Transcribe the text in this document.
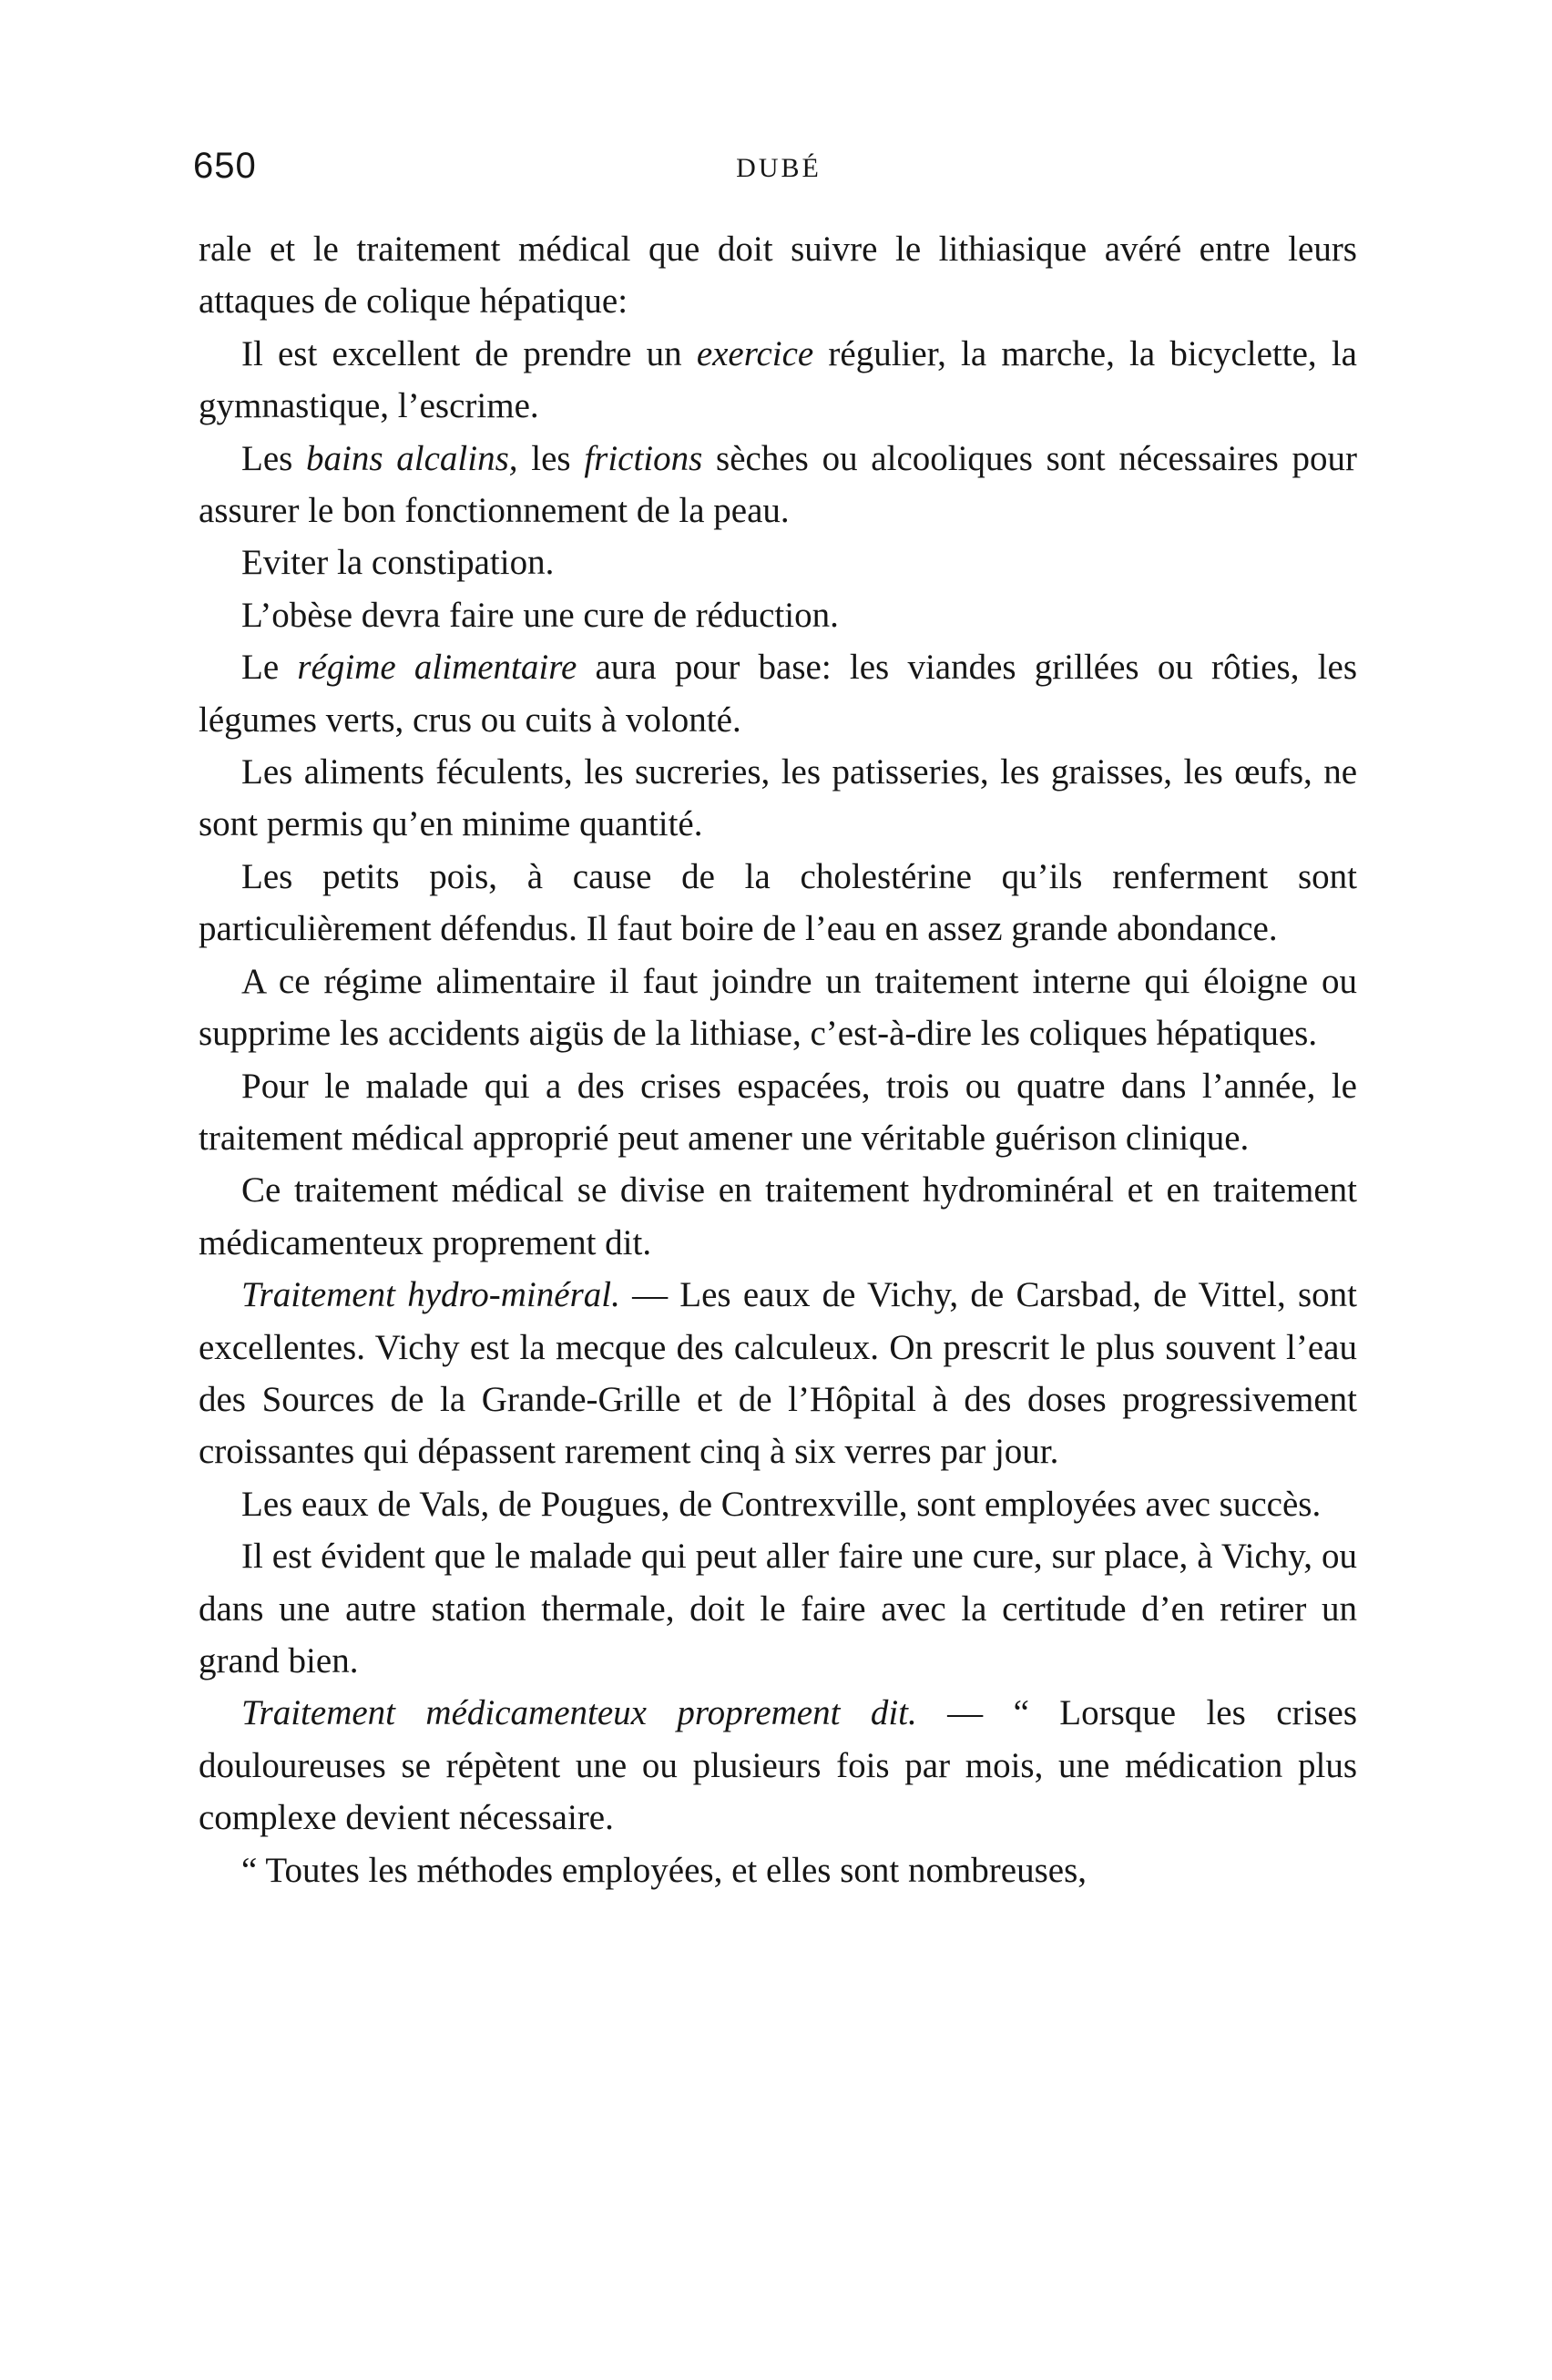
650	DUBÉ

rale et le traitement médical que doit suivre le lithiasique avéré entre leurs attaques de colique hépatique:

Il est excellent de prendre un exercice régulier, la marche, la bicyclette, la gymnastique, l’escrime.

Les bains alcalins, les frictions sèches ou alcooliques sont nécessaires pour assurer le bon fonctionnement de la peau.

Eviter la constipation.

L’obèse devra faire une cure de réduction.

Le régime alimentaire aura pour base: les viandes grillées ou rôties, les légumes verts, crus ou cuits à volonté.

Les aliments féculents, les sucreries, les patisseries, les graisses, les œufs, ne sont permis qu’en minime quantité.

Les petits pois, à cause de la cholestérine qu’ils renferment sont particulièrement défendus. Il faut boire de l’eau en assez grande abondance.

A ce régime alimentaire il faut joindre un traitement interne qui éloigne ou supprime les accidents aigüs de la lithiase, c’est-à-dire les coliques hépatiques.

Pour le malade qui a des crises espacées, trois ou quatre dans l’année, le traitement médical approprié peut amener une véritable guérison clinique.

Ce traitement médical se divise en traitement hydrominéral et en traitement médicamenteux proprement dit.

Traitement hydro-minéral. — Les eaux de Vichy, de Carsbad, de Vittel, sont excellentes. Vichy est la mecque des calculeux. On prescrit le plus souvent l’eau des Sources de la Grande-Grille et de l’Hôpital à des doses progressivement croissantes qui dépassent rarement cinq à six verres par jour.

Les eaux de Vals, de Pougues, de Contrexville, sont employées avec succès.

Il est évident que le malade qui peut aller faire une cure, sur place, à Vichy, ou dans une autre station thermale, doit le faire avec la certitude d’en retirer un grand bien.

Traitement médicamenteux proprement dit. — “ Lorsque les crises douloureuses se répètent une ou plusieurs fois par mois, une médication plus complexe devient nécessaire.

“ Toutes les méthodes employées, et elles sont nombreuses,
